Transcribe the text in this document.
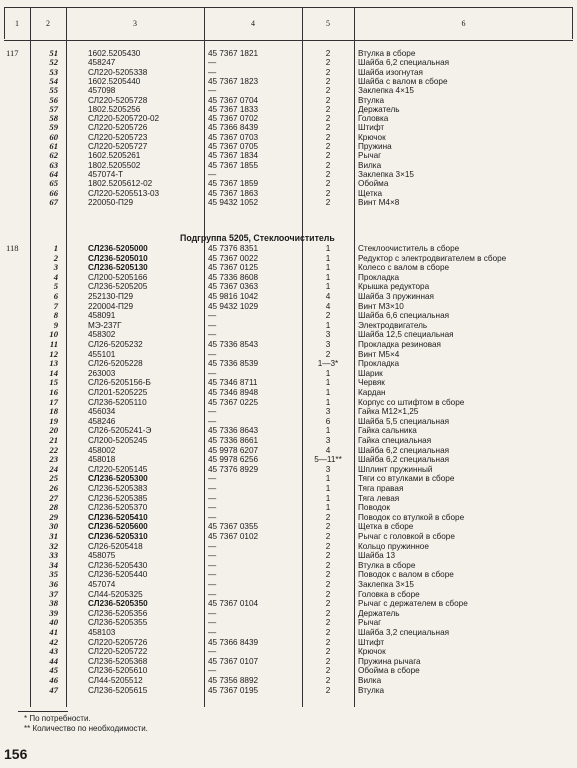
1	2	3	4	5	6
117	51	1602.5205430	45 7367 1821	2	Втулка в сборе
52	458247	—	2	Шайба 6,2 специальная
53	СЛ220-5205338	—	2	Шайба изогнутая
54	1602.5205440	45 7367 1823	2	Шайба с валом в сборе
55	457098	—	2	Заклепка 4×15
56	СЛ220-5205728	45 7367 0704	2	Втулка
57	1802.5205256	45 7367 1833	2	Держатель
58	СЛ220-5205720-02	45 7367 0702	2	Головка
59	СЛ220-5205726	45 7366 8439	2	Штифт
60	СЛ220-5205723	45 7367 0703	2	Крючок
61	СЛ220-5205727	45 7367 0705	2	Пружина
62	1602.5205261	45 7367 1834	2	Рычаг
63	1802.5205502	45 7367 1855	2	Вилка
64	457074-Т	—	2	Заклепка 3×15
65	1802.5205612-02	45 7367 1859	2	Обойма
66	СЛ220-5205513-03	45 7367 1863	2	Щетка
67	220050-П29	45 9432 1052	2	Винт М4×8
Подгруппа 5205, Стеклоочиститель
118	1	СЛ236-5205000	45 7376 8351	1	Стеклоочиститель в сборе
2	СЛ236-5205010	45 7367 0022	1	Редуктор с электродвигателем в сборе
3	СЛ236-5205130	45 7367 0125	1	Колесо с валом в сборе
4	СЛ200-5205166	45 7336 8608	1	Прокладка
5	СЛ236-5205205	45 7367 0363	1	Крышка редуктора
6	252130-П29	45 9816 1042	4	Шайба 3 пружинная
7	220004-П29	45 9432 1029	4	Винт М3×10
8	458091	—	2	Шайба 6,6 специальная
9	МЭ-237Г	—	1	Электродвигатель
10	458302	—	3	Шайба 12,5 специальная
11	СЛ26-5205232	45 7336 8543	3	Прокладка резиновая
12	455101	—	2	Винт М5×4
13	СЛ26-5205228	45 7336 8539	1—3*	Прокладка
14	263003	—	1	Шарик
15	СЛ26-5205156-Б	45 7346 8711	1	Червяк
16	СЛ201-5205225	45 7346 8948	1	Кардан
17	СЛ236-5205110	45 7367 0225	1	Корпус со штифтом в сборе
18	456034	—	3	Гайка М12×1,25
19	458246	—	6	Шайба 5,5 специальная
20	СЛ26-5205241-Э	45 7336 8643	1	Гайка сальника
21	СЛ200-5205245	45 7336 8661	3	Гайка специальная
22	458002	45 9978 6207	4	Шайба 6,2 специальная
23	458018	45 9978 6256	5—11**	Шайба 6,2 специальная
24	СЛ220-5205145	45 7376 8929	3	Шплинт пружинный
25	СЛ236-5205300	—	1	Тяги со втулками в сборе
26	СЛ236-5205383	—	1	Тяга правая
27	СЛ236-5205385	—	1	Тяга левая
28	СЛ236-5205370	—	1	Поводок
29	СЛ236-5205410	—	2	Поводок со втулкой в сборе
30	СЛ236-5205600	45 7367 0355	2	Щетка в сборе
31	СЛ236-5205310	45 7367 0102	2	Рычаг с головкой в сборе
32	СЛ26-5205418	—	2	Кольцо пружинное
33	458075	—	2	Шайба 13
34	СЛ236-5205430	—	2	Втулка в сборе
35	СЛ236-5205440	—	2	Поводок с валом в сборе
36	457074	—	2	Заклепка 3×15
37	СЛ44-5205325	—	2	Головка в сборе
38	СЛ236-5205350	45 7367 0104	2	Рычаг с держателем в сборе
39	СЛ236-5205356	—	2	Держатель
40	СЛ236-5205355	—	2	Рычаг
41	458103	—	2	Шайба 3,2 специальная
42	СЛ220-5205726	45 7366 8439	2	Штифт
43	СЛ220-5205722	—	2	Крючок
44	СЛ236-5205368	45 7367 0107	2	Пружина рычага
45	СЛ236-5205610	—	2	Обойма в сборе
46	СЛ44-5205512	45 7356 8892	2	Вилка
47	СЛ236-5205615	45 7367 0195	2	Втулка
* По потребности.
** Количество по необходимости.
156
